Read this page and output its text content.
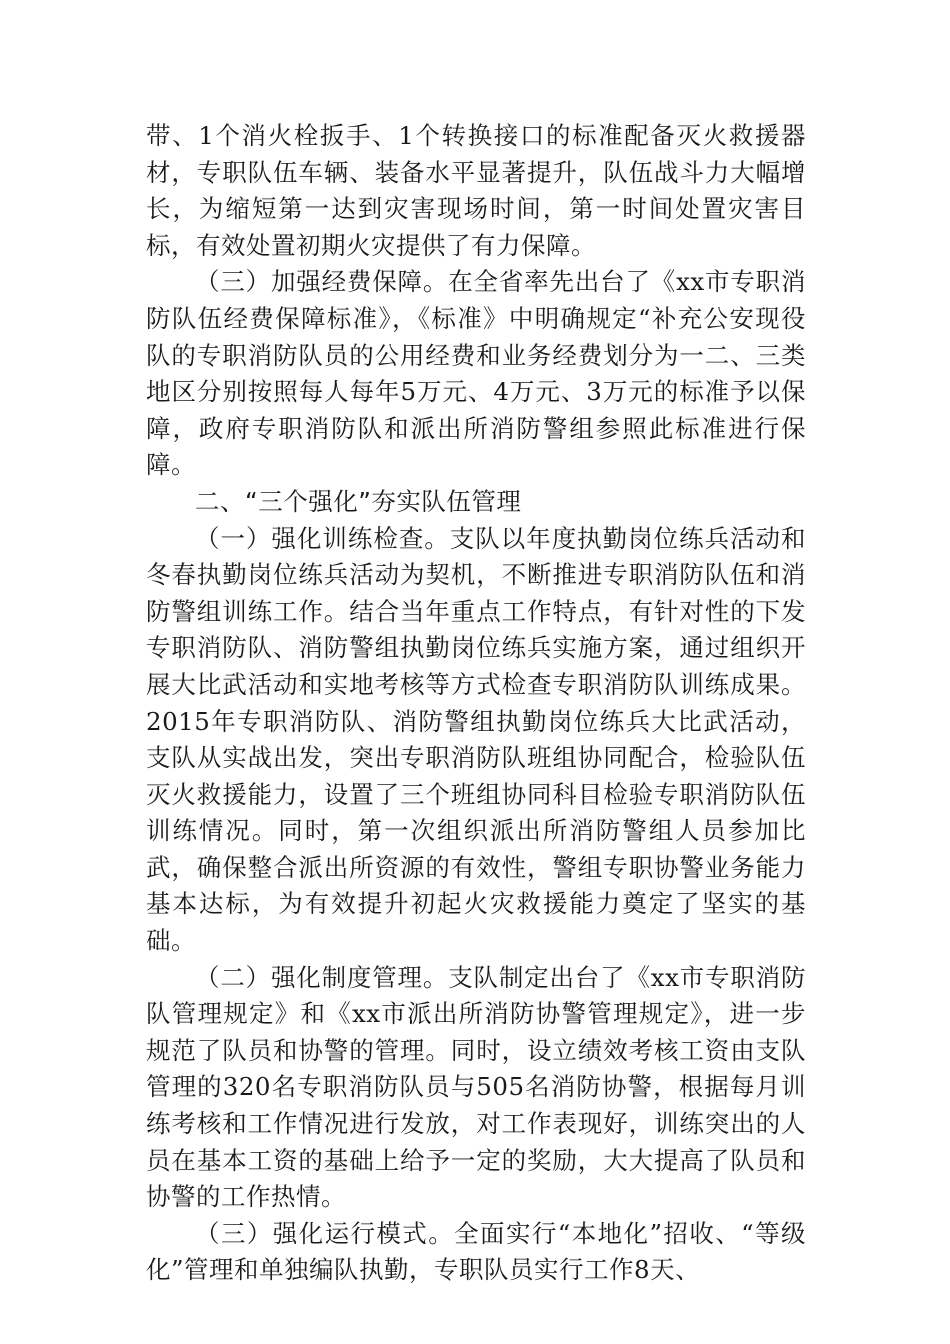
带、1个消火栓扳手、1个转换接口的标准配备灭火救援器材，专职队伍车辆、装备水平显著提升，队伍战斗力大幅增长，为缩短第一达到灾害现场时间，第一时间处置灾害目标，有效处置初期火灾提供了有力保障。

（三）加强经费保障。在全省率先出台了《xx市专职消防队伍经费保障标准》，《标准》中明确规定“补充公安现役队的专职消防队员的公用经费和业务经费划分为一二、三类地区分别按照每人每年5万元、4万元、3万元的标准予以保障，政府专职消防队和派出所消防警组参照此标准进行保障。

二、“三个强化”夯实队伍管理

（一）强化训练检查。支队以年度执勤岗位练兵活动和冬春执勤岗位练兵活动为契机，不断推进专职消防队伍和消防警组训练工作。结合当年重点工作特点，有针对性的下发专职消防队、消防警组执勤岗位练兵实施方案，通过组织开展大比武活动和实地考核等方式检查专职消防队训练成果。2015年专职消防队、消防警组执勤岗位练兵大比武活动，支队从实战出发，突出专职消防队班组协同配合，检验队伍灭火救援能力，设置了三个班组协同科目检验专职消防队伍训练情况。同时，第一次组织派出所消防警组人员参加比武，确保整合派出所资源的有效性，警组专职协警业务能力基本达标，为有效提升初起火灾救援能力奠定了坚实的基础。

（二）强化制度管理。支队制定出台了《xx市专职消防队管理规定》和《xx市派出所消防协警管理规定》，进一步规范了队员和协警的管理。同时，设立绩效考核工资由支队管理的320名专职消防队员与505名消防协警，根据每月训练考核和工作情况进行发放，对工作表现好，训练突出的人员在基本工资的基础上给予一定的奖励，大大提高了队员和协警的工作热情。

（三）强化运行模式。全面实行“本地化”招收、“等级化”管理和单独编队执勤，专职队员实行工作8天、
